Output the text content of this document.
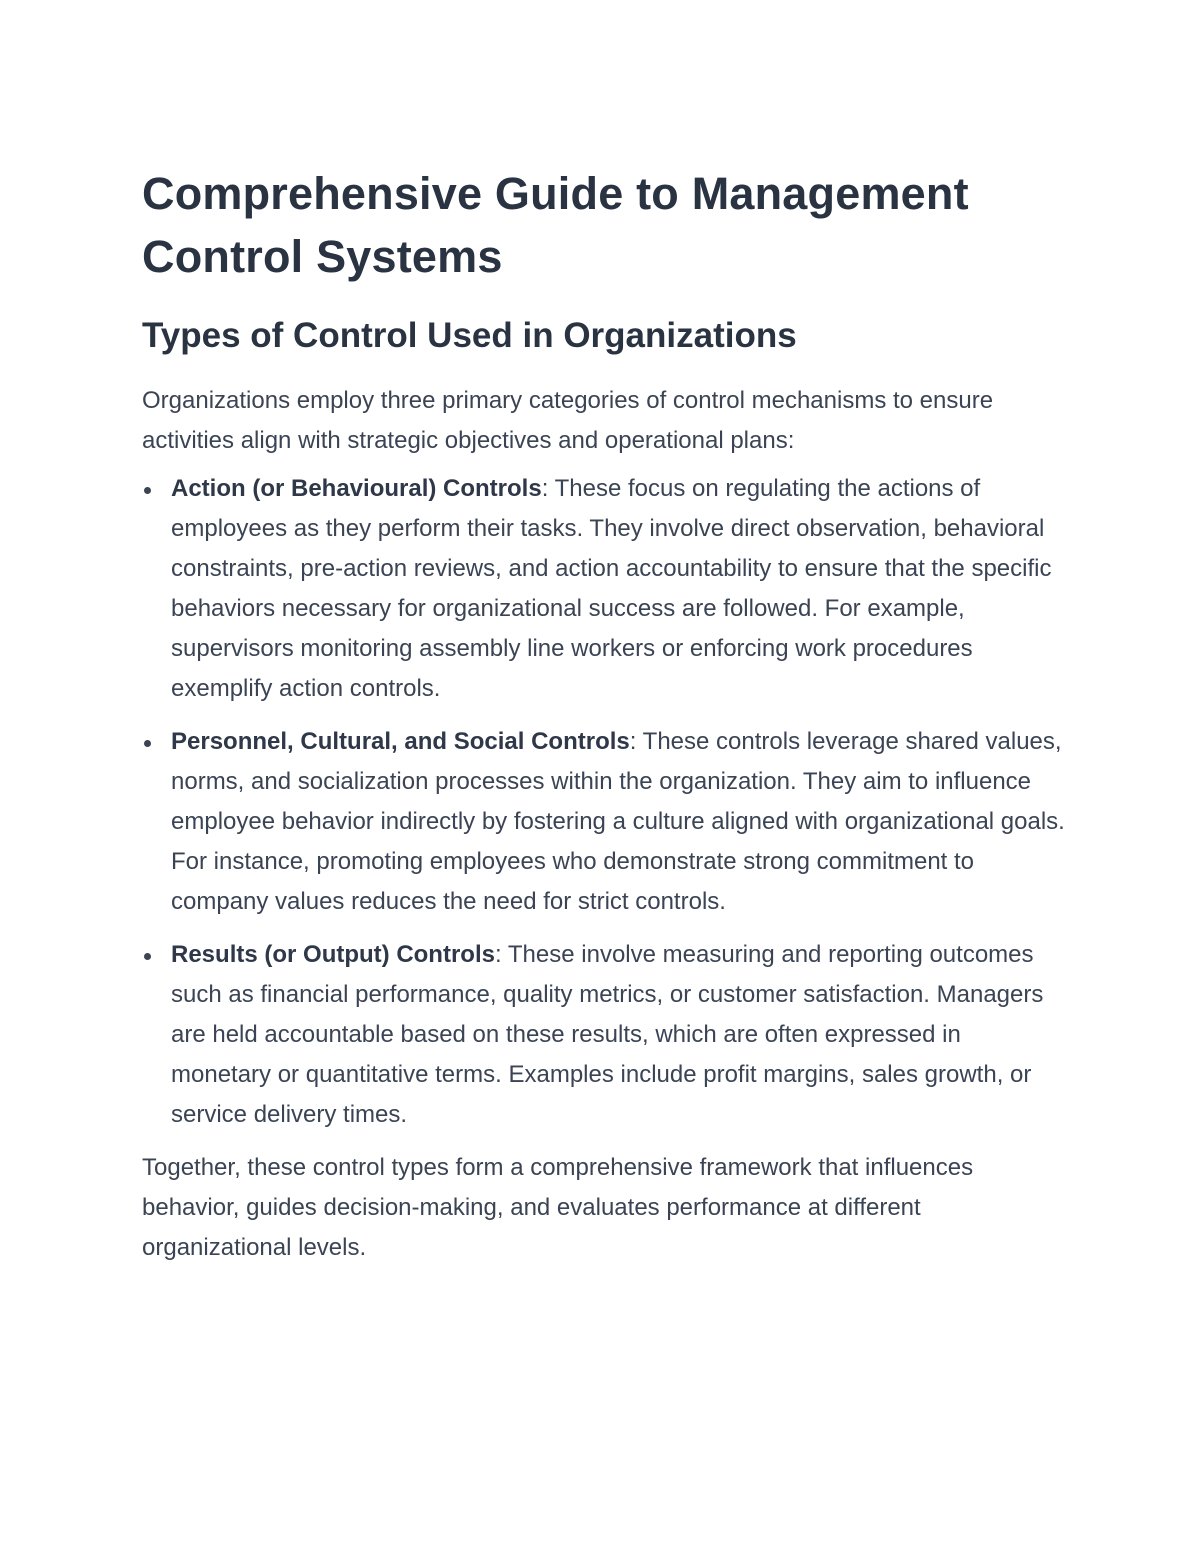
Comprehensive Guide to Management Control Systems
Types of Control Used in Organizations

Organizations employ three primary categories of control mechanisms to ensure activities align with strategic objectives and operational plans:

Action (or Behavioural) Controls: These focus on regulating the actions of employees as they perform their tasks. They involve direct observation, behavioral constraints, pre-action reviews, and action accountability to ensure that the specific behaviors necessary for organizational success are followed. For example, supervisors monitoring assembly line workers or enforcing work procedures exemplify action controls.
Personnel, Cultural, and Social Controls: These controls leverage shared values, norms, and socialization processes within the organization. They aim to influence employee behavior indirectly by fostering a culture aligned with organizational goals. For instance, promoting employees who demonstrate strong commitment to company values reduces the need for strict controls.
Results (or Output) Controls: These involve measuring and reporting outcomes such as financial performance, quality metrics, or customer satisfaction. Managers are held accountable based on these results, which are often expressed in monetary or quantitative terms. Examples include profit margins, sales growth, or service delivery times.

Together, these control types form a comprehensive framework that influences behavior, guides decision-making, and evaluates performance at different organizational levels.
